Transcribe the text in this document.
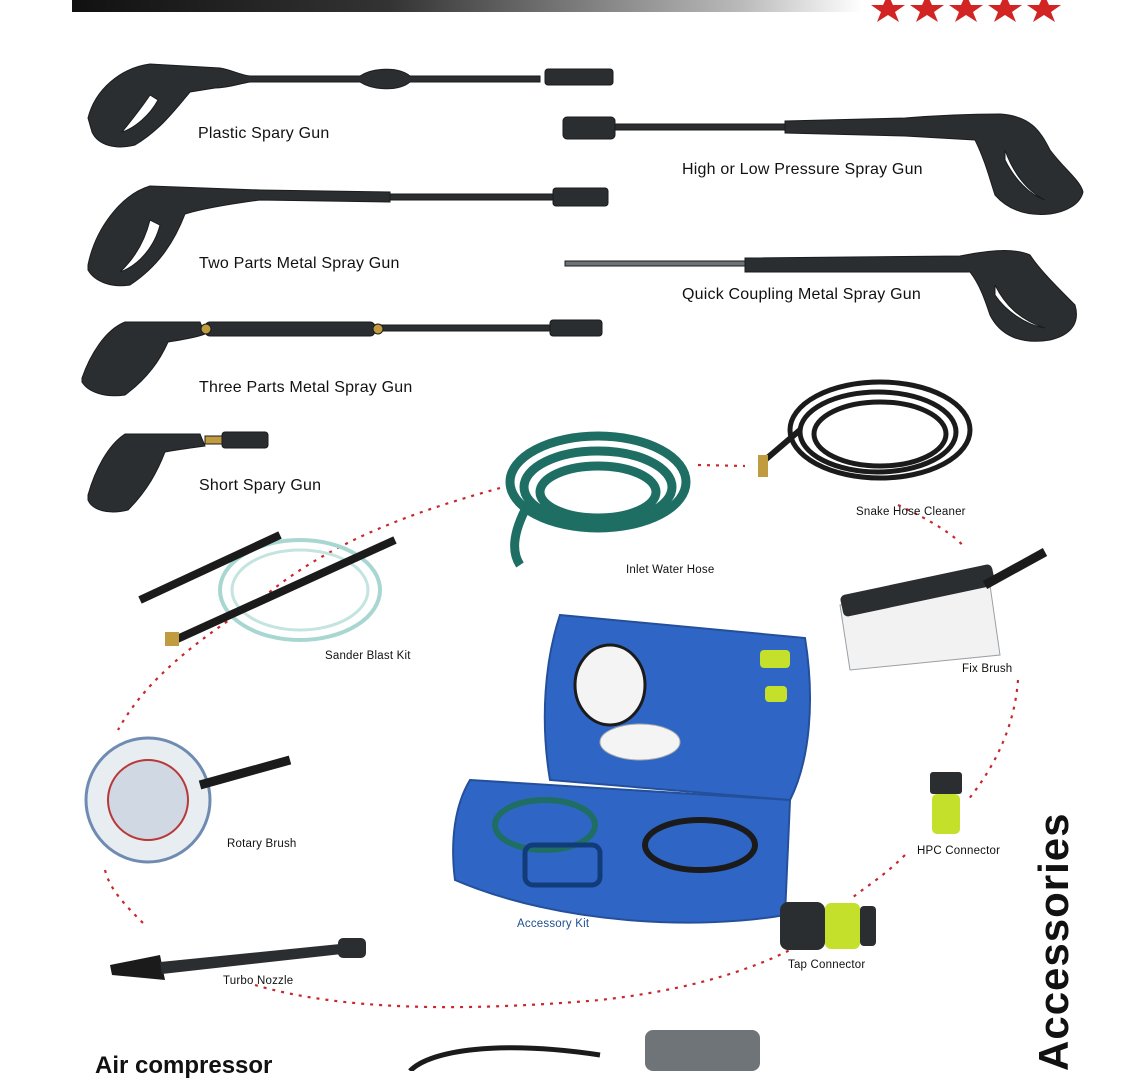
Plastic Spary Gun
High or Low Pressure Spray Gun
Two Parts Metal Spray Gun
Quick Coupling Metal Spray Gun
Three Parts Metal Spray Gun
Short Spary Gun
Snake Hose Cleaner
Inlet Water Hose
Sander Blast Kit
Fix Brush
Rotary Brush
HPC Connector
Accessory Kit
Tap Connector
Turbo Nozzle	Accessories
Air compressor
